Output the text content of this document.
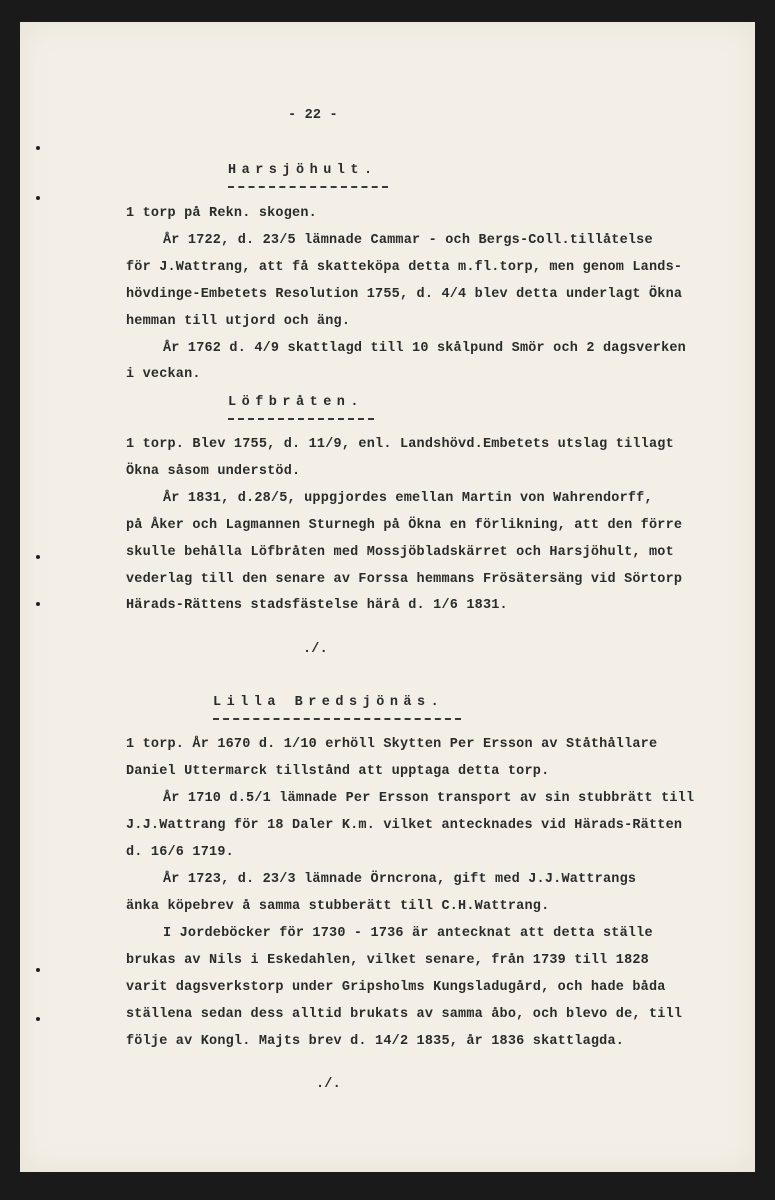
- 22 -
Harsjöhult.
1 torp på Rekn. skogen.
År 1722, d. 23/5 lämnade Cammar - och Bergs-Coll.tillåtelse
för J.Wattrang, att få skatteköpa detta m.fl.torp, men genom Lands-
hövdinge-Embetets Resolution 1755, d. 4/4 blev detta underlagt Ökna
hemman till utjord och äng.
År 1762 d. 4/9 skattlagd till 10 skålpund Smör och 2 dagsverken
i veckan.
Löfbråten.
1 torp. Blev 1755, d. 11/9, enl. Landshövd.Embetets utslag tillagt
Ökna såsom understöd.
År 1831, d.28/5, uppgjordes emellan Martin von Wahrendorff,
på Åker och Lagmannen Sturnegh på Ökna en förlikning, att den förre
skulle behålla Löfbråten med Mossjöbladskärret och Harsjöhult, mot
vederlag till den senare av Forssa hemmans Frösätersäng vid Sörtorp
Härads-Rättens stadsfästelse härå d. 1/6 1831.
./.
Lilla Bredsjönäs.
1 torp. År 1670 d. 1/10 erhöll Skytten Per Ersson av Ståthållare
Daniel Uttermarck tillstånd att upptaga detta torp.
År 1710 d.5/1 lämnade Per Ersson transport av sin stubbrätt till
J.J.Wattrang för 18 Daler K.m. vilket antecknades vid Härads-Rätten
d. 16/6 1719.
År 1723, d. 23/3 lämnade Örncrona, gift med J.J.Wattrangs
änka köpebrev å samma stubberätt till C.H.Wattrang.
I Jordeböcker för 1730 - 1736 är antecknat att detta ställe
brukas av Nils i Eskedahlen, vilket senare, från 1739 till 1828
varit dagsverkstorp under Gripsholms Kungsladugård, och hade båda
ställena sedan dess alltid brukats av samma åbo, och blevo de, till
följe av Kongl. Majts brev d. 14/2 1835, år 1836 skattlagda.
./.
